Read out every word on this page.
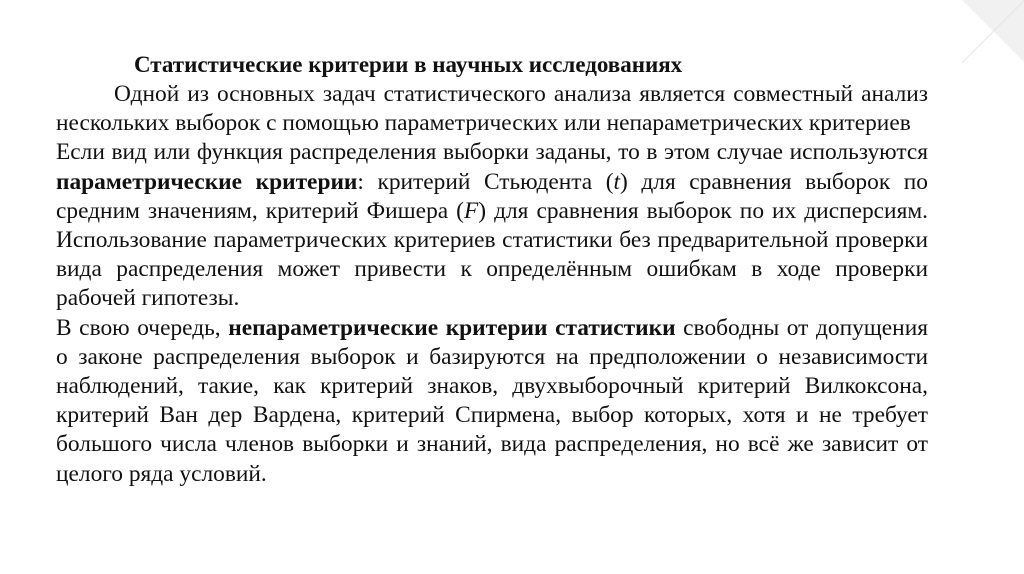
Статистические критерии в научных исследованиях

Одной из основных задач статистического анализа является совместный анализ нескольких выборок с помощью параметрических или непараметрических критериев

Если вид или функция распределения выборки заданы, то в этом случае используются параметрические критерии: критерий Стьюдента (t) для сравнения выборок по средним значениям, критерий Фишера (F) для сравнения выборок по их дисперсиям. Использование параметрических критериев статистики без предварительной проверки вида распределения может привести к определённым ошибкам в ходе проверки рабочей гипотезы.

В свою очередь, непараметрические критерии статистики свободны от допущения о законе распределения выборок и базируются на предположении о независимости наблюдений, такие, как критерий знаков, двухвыборочный критерий Вилкоксона, критерий Ван дер Вардена, критерий Спирмена, выбор которых, хотя и не требует большого числа членов выборки и знаний, вида распределения, но всё же зависит от целого ряда условий.
